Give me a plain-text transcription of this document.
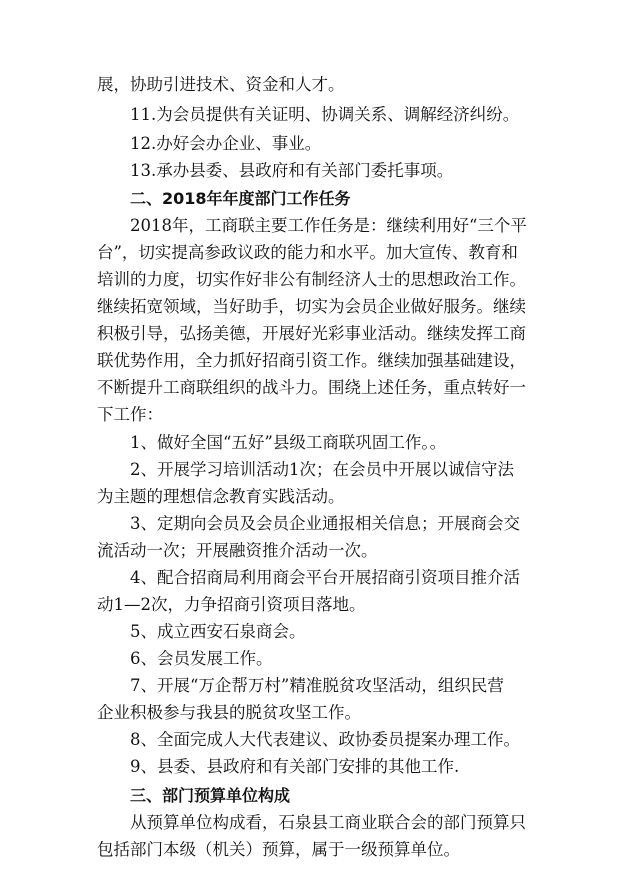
展，协助引进技术、资金和人才。
11.为会员提供有关证明、协调关系、调解经济纠纷。
12.办好会办企业、事业。
13.承办县委、县政府和有关部门委托事项。
二、2018年年度部门工作任务
2018年，工商联主要工作任务是：继续利用好“三个平
台”，切实提高参政议政的能力和水平。加大宣传、教育和
培训的力度，切实作好非公有制经济人士的思想政治工作。
继续拓宽领域，当好助手，切实为会员企业做好服务。继续
积极引导，弘扬美德，开展好光彩事业活动。继续发挥工商
联优势作用，全力抓好招商引资工作。继续加强基础建设，
不断提升工商联组织的战斗力。围绕上述任务，重点转好一
下工作：
1、做好全国“五好”县级工商联巩固工作。。
2、开展学习培训活动1次；在会员中开展以诚信守法
为主题的理想信念教育实践活动。
3、定期向会员及会员企业通报相关信息；开展商会交
流活动一次；开展融资推介活动一次。
4、配合招商局利用商会平台开展招商引资项目推介活
动1—2次，力争招商引资项目落地。
5、成立西安石泉商会。
6、会员发展工作。
7、开展“万企帮万村”精准脱贫攻坚活动，组织民营
企业积极参与我县的脱贫攻坚工作。
8、全面完成人大代表建议、政协委员提案办理工作。
9、县委、县政府和有关部门安排的其他工作.
三、部门预算单位构成
从预算单位构成看，石泉县工商业联合会的部门预算只
包括部门本级（机关）预算，属于一级预算单位。
